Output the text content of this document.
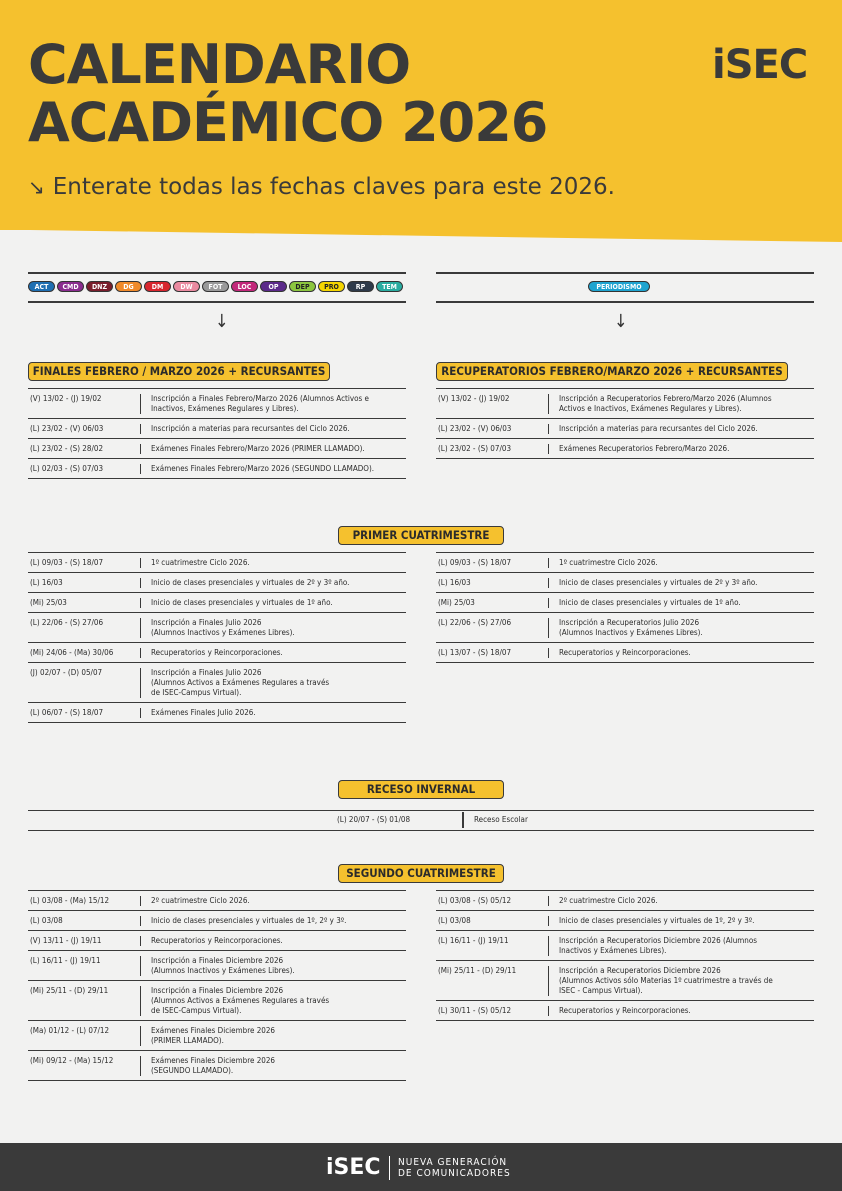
CALENDARIO
ACADÉMICO 2026
↘ Enterate todas las fechas claves para este 2026.
iSEC
ACT	CMD	DNZ	DG	DM	DW	FOT	LOC	OP	DEP	PRO	RP	TEM	PERIODISMO
↓	↓
FINALES FEBRERO / MARZO 2026 + RECURSANTES	RECUPERATORIOS FEBRERO/MARZO 2026 + RECURSANTES
(V) 13/02 - (J) 19/02	Inscripción a Finales Febrero/Marzo 2026 (Alumnos Activos e
Inactivos, Exámenes Regulares y Libres).
(L) 23/02 - (V) 06/03	Inscripción a materias para recursantes del Ciclo 2026.
(L) 23/02 - (S) 28/02	Exámenes Finales Febrero/Marzo 2026 (PRIMER LLAMADO).
(L) 02/03 - (S) 07/03	Exámenes Finales Febrero/Marzo 2026 (SEGUNDO LLAMADO).
(V) 13/02 - (J) 19/02	Inscripción a Recuperatorios Febrero/Marzo 2026 (Alumnos
Activos e Inactivos, Exámenes Regulares y Libres).
(L) 23/02 - (V) 06/03	Inscripción a materias para recursantes del Ciclo 2026.
(L) 23/02 - (S) 07/03	Exámenes Recuperatorios Febrero/Marzo 2026.
PRIMER CUATRIMESTRE
(L) 09/03 - (S) 18/07	1º cuatrimestre Ciclo 2026.
(L) 16/03	Inicio de clases presenciales y virtuales de 2º y 3º año.
(Mi) 25/03	Inicio de clases presenciales y virtuales de 1º año.
(L) 22/06 - (S) 27/06	Inscripción a Finales Julio 2026
(Alumnos Inactivos y Exámenes Libres).
(Mi) 24/06 - (Ma) 30/06	Recuperatorios y Reincorporaciones.
(J) 02/07 - (D) 05/07	Inscripción a Finales Julio 2026
(Alumnos Activos a Exámenes Regulares a través
de ISEC-Campus Virtual).
(L) 06/07 - (S) 18/07	Exámenes Finales Julio 2026.
(L) 09/03 - (S) 18/07	1º cuatrimestre Ciclo 2026.
(L) 16/03	Inicio de clases presenciales y virtuales de 2º y 3º año.
(Mi) 25/03	Inicio de clases presenciales y virtuales de 1º año.
(L) 22/06 - (S) 27/06	Inscripción a Recuperatorios Julio 2026
(Alumnos Inactivos y Exámenes Libres).
(L) 13/07 - (S) 18/07	Recuperatorios y Reincorporaciones.
RECESO INVERNAL
(L) 20/07 - (S) 01/08	Receso Escolar
SEGUNDO CUATRIMESTRE
(L) 03/08 - (Ma) 15/12	2º cuatrimestre Ciclo 2026.
(L) 03/08	Inicio de clases presenciales y virtuales de 1º, 2º y 3º.
(V) 13/11 - (J) 19/11	Recuperatorios y Reincorporaciones.
(L) 16/11 - (J) 19/11	Inscripción a Finales Diciembre 2026
(Alumnos Inactivos y Exámenes Libres).
(Mi) 25/11 - (D) 29/11	Inscripción a Finales Diciembre 2026
(Alumnos Activos a Exámenes Regulares a través
de ISEC-Campus Virtual).
(Ma) 01/12 - (L) 07/12	Exámenes Finales Diciembre 2026
(PRIMER LLAMADO).
(Mi) 09/12 - (Ma) 15/12	Exámenes Finales Diciembre 2026
(SEGUNDO LLAMADO).
(L) 03/08 - (S) 05/12	2º cuatrimestre Ciclo 2026.
(L) 03/08	Inicio de clases presenciales y virtuales de 1º, 2º y 3º.
(L) 16/11 - (J) 19/11	Inscripción a Recuperatorios Diciembre 2026 (Alumnos
Inactivos y Exámenes Libres).
(Mi) 25/11 - (D) 29/11	Inscripción a Recuperatorios Diciembre 2026
(Alumnos Activos sólo Materias 1º cuatrimestre a través de
ISEC - Campus Virtual).
(L) 30/11 - (S) 05/12	Recuperatorios y Reincorporaciones.
iSEC NUEVA GENERACIÓN
DE COMUNICADORES
